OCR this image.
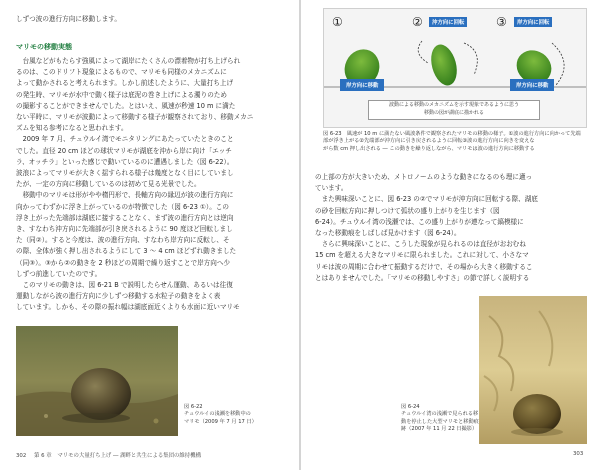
しずつ波の進行方向に移動します。

マリモの移動実態

台風などがもたらす強風によって湖岸にたくさんの漂着物が打ち上げられ

るのは、このドリフト現象によるもので、マリモも同様のメカニズムに

よって動かされると考えられます。しかし前述したように、大量打ち上げ

の発生時、マリモが水中で動く様子は底泥の巻き上げによる濁りのため

の撮影することができませんでした。とはいえ、風速が秒速 10 m に満た

ない平時に、マリモが波動によって移動する様子が観察されており、移動メカニ

ズムを知る参考になると思われます。

2009 年 7 月、チュウルイ湾でモニタリングにあたっていたときのこと

でした。直径 20 cm ほどの球状マリモが湖底を沖から岸に向け「エッチ

ラ、オッチラ」といった感じで動いているのに遭遇しました（図 6-22）。

波浪によってマリモが大きく揺すられる様子は幾度となく目にしていまし

たが、一定の方向に移動しているのは初めて見る光景でした。

移動中のマリモは形がやや楕円形で、長軸方向の縁辺が波の進行方向に

向かってわずかに浮き上がっているのが特徴でした（図 6-23 ①）。この

浮き上がった先端部は湖底に接することなく、まず波の進行方向とは逆向

き、すなわち沖方向に先端部が引き戻されるように 90 度ほど回転しまし

た（同②）。すると今度は、波の進行方向、すなわち岸方向に反転し、そ

の際、全体が強く押し出されるようにして 3 ～ 4 cm ほどずれ動きました

（同③）。③から②の動きを 2 秒ほどの周期で繰り返すことで岸方向へ少

しずつ前進していたのです。

このマリモの動きは、図 6-21 B で説明したらせん運動、あるいは往復

運動しながら波の進行方向に少しずつ移動する水粒子の動きをよく表

しています。しかも、その際の振れ幅は湖底面近くよりも水面に近いマリモ

図 6-22
チュウルイの浅瀬を移動中の
マリモ（2009 年 7 月 17 日）
302 第 6 章 マリモの大量打ち上げ ― 湖畔と共生による集団の維持機構
①	②	③
沖方向に回転	岸方向に回転
岸方向に移動	岸方向に移動
波動による移動のメカニズムを示す現象であるように思う
移動の図が湖底に描かれる
図 6-23　風速が 10 m に満たない風波条件で観察されたマリモの移動の様子。①波の進行方向に向かって先端部が浮き上がる②先端部が沖方向に引き戻されるように回転③波の進行方向に向きを変えな
がら数 cm 押し出される ― この動きを繰り返しながら、マリモは波の進行方向に移動する

の上部の方が大きいため、メトロノームのような動きになるのも理に適っ

ています。

また興味深いことに、図 6-23 の②でマリモが沖方向に回転する際、湖底

の砂を回転方向に押しつけて弧状の盛り上がりを生じます（図

6-24）。チュウルイ湾の浅瀬では、この盛り上がりが連なって縞模様に

なった移動痕をしばしば見かけます（図 6-24）。

さらに興味深いことに、こうした現象が見られるのは直径がおおむね

15 cm を超える大きなマリモに限られました。これに対して、小さなマ

リモは波の周期に合わせて振動するだけで、その場から大きく移動するこ

とはありませんでした。「マリモの移動しやすさ」の節で詳しく説明する

図 6-24
チュウルイ湾の浅瀬で見られる移
動を停止した大型マリモと移動痕
跡（2007 年 11 月 22 日撮影）
303
